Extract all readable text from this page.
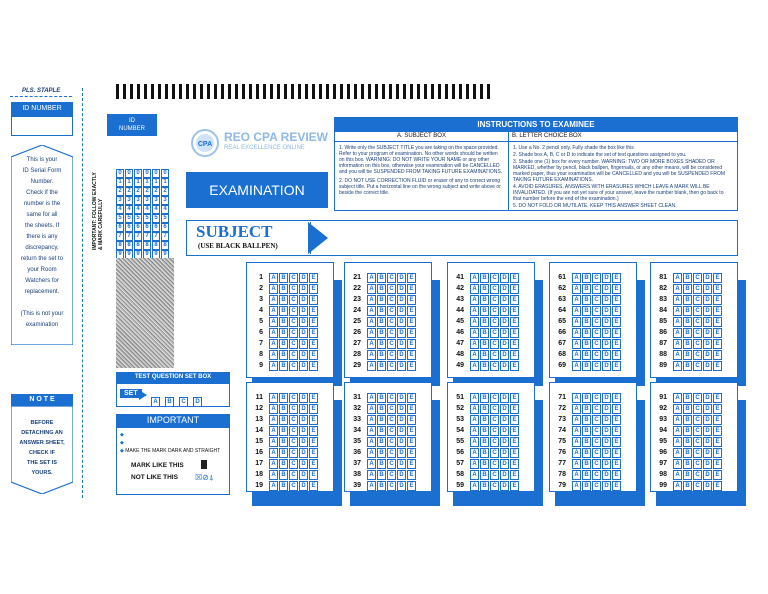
PLS. STAPLE
ID NUMBER
This is your
ID Serial Form
Number.
Check if the
number is the
same for all
the sheets. If
there is any
discrepancy,
return the set to
your Room
Watchers for
replacement.
(This is not your
examination
N O T E
BEFORE
DETACHING AN
ANSWER SHEET,
CHECK IF
THE SET IS
YOURS.
ID
NUMBER
IMPORTANT: FOLLOW EXACTLY & MARK CAREFULLY
0 0 0 0 0 0
1 1 1 1 1 1
2 2 2 2 2 2
3 3 3 3 3 3
4 4 4 4 4 4
5 5 5 5 5 5
6 6 6 6 6 6
7 7 7 7 7 7
8 8 8 8 8 8
9 9 9 9 9 9
CPA
REO CPA REVIEW
REAL EXCELLENCE ONLINE
EXAMINATION
INSTRUCTIONS TO EXAMINEE
A. SUBJECT BOX
1. Write only the SUBJECT TITLE you are taking on the space provided. Refer to your program of examination. No other words should be written on this box. WARNING: DO NOT WRITE YOUR NAME or any other information on this box, otherwise your examination will be CANCELLED and you will be SUSPENDED FROM TAKING FUTURE EXAMINATIONS.
2. DO NOT USE CORRECTION FLUID or eraser of any to correct wrong subject title. Put a horizontal line on the wrong subject and write above or beside the correct title.
B. LETTER CHOICE BOX
1. Use a No. 2 pencil only. Fully shade the box like this
2. Shade box A, B, C or D to indicate the set of test questions assigned to you.
3. Shade one (1) box for every number. WARNING: TWO OR MORE BOXES SHADED OR MARKED, whether by pencil, black ballpen, fingernails, or any other means, will be considered marked paper, thus your examination will be CANCELLED and you will be SUSPENDED FROM TAKING FUTURE EXAMINATIONS.
4. AVOID ERASURES, ANSWERS WITH ERASURES WHICH LEAVE A MARK WILL BE INVALIDATED. (If you are not yet sure of your answer, leave the number blank, then go back to that number before the end of the examination.)
5. DO NOT FOLD OR MUTILATE. KEEP THIS ANSWER SHEET CLEAN.
SUBJECT
(USE BLACK BALLPEN)
TEST QUESTION SET BOX
SET
A B C D
IMPORTANT
◆
◆
◆ MAKE THE MARK DARK AND STRAIGHT
MARK LIKE THIS
NOT LIKE THIS ☒⊘⍋
1 A B C D E
2 A B C D E
3 A B C D E
4 A B C D E
5 A B C D E
6 A B C D E
7 A B C D E
8 A B C D E
9 A B C D E
21 A B C D E
22 A B C D E
23 A B C D E
24 A B C D E
25 A B C D E
26 A B C D E
27 A B C D E
28 A B C D E
29 A B C D E
41 A B C D E
42 A B C D E
43 A B C D E
44 A B C D E
45 A B C D E
46 A B C D E
47 A B C D E
48 A B C D E
49 A B C D E
61 A B C D E
62 A B C D E
63 A B C D E
64 A B C D E
65 A B C D E
66 A B C D E
67 A B C D E
68 A B C D E
69 A B C D E
81 A B C D E
82 A B C D E
83 A B C D E
84 A B C D E
85 A B C D E
86 A B C D E
87 A B C D E
88 A B C D E
89 A B C D E
11 A B C D E
12 A B C D E
13 A B C D E
14 A B C D E
15 A B C D E
16 A B C D E
17 A B C D E
18 A B C D E
19 A B C D E
31 A B C D E
32 A B C D E
33 A B C D E
34 A B C D E
35 A B C D E
36 A B C D E
37 A B C D E
38 A B C D E
39 A B C D E
51 A B C D E
52 A B C D E
53 A B C D E
54 A B C D E
55 A B C D E
56 A B C D E
57 A B C D E
58 A B C D E
59 A B C D E
71 A B C D E
72 A B C D E
73 A B C D E
74 A B C D E
75 A B C D E
76 A B C D E
77 A B C D E
78 A B C D E
79 A B C D E
91 A B C D E
92 A B C D E
93 A B C D E
94 A B C D E
95 A B C D E
96 A B C D E
97 A B C D E
98 A B C D E
99 A B C D E
